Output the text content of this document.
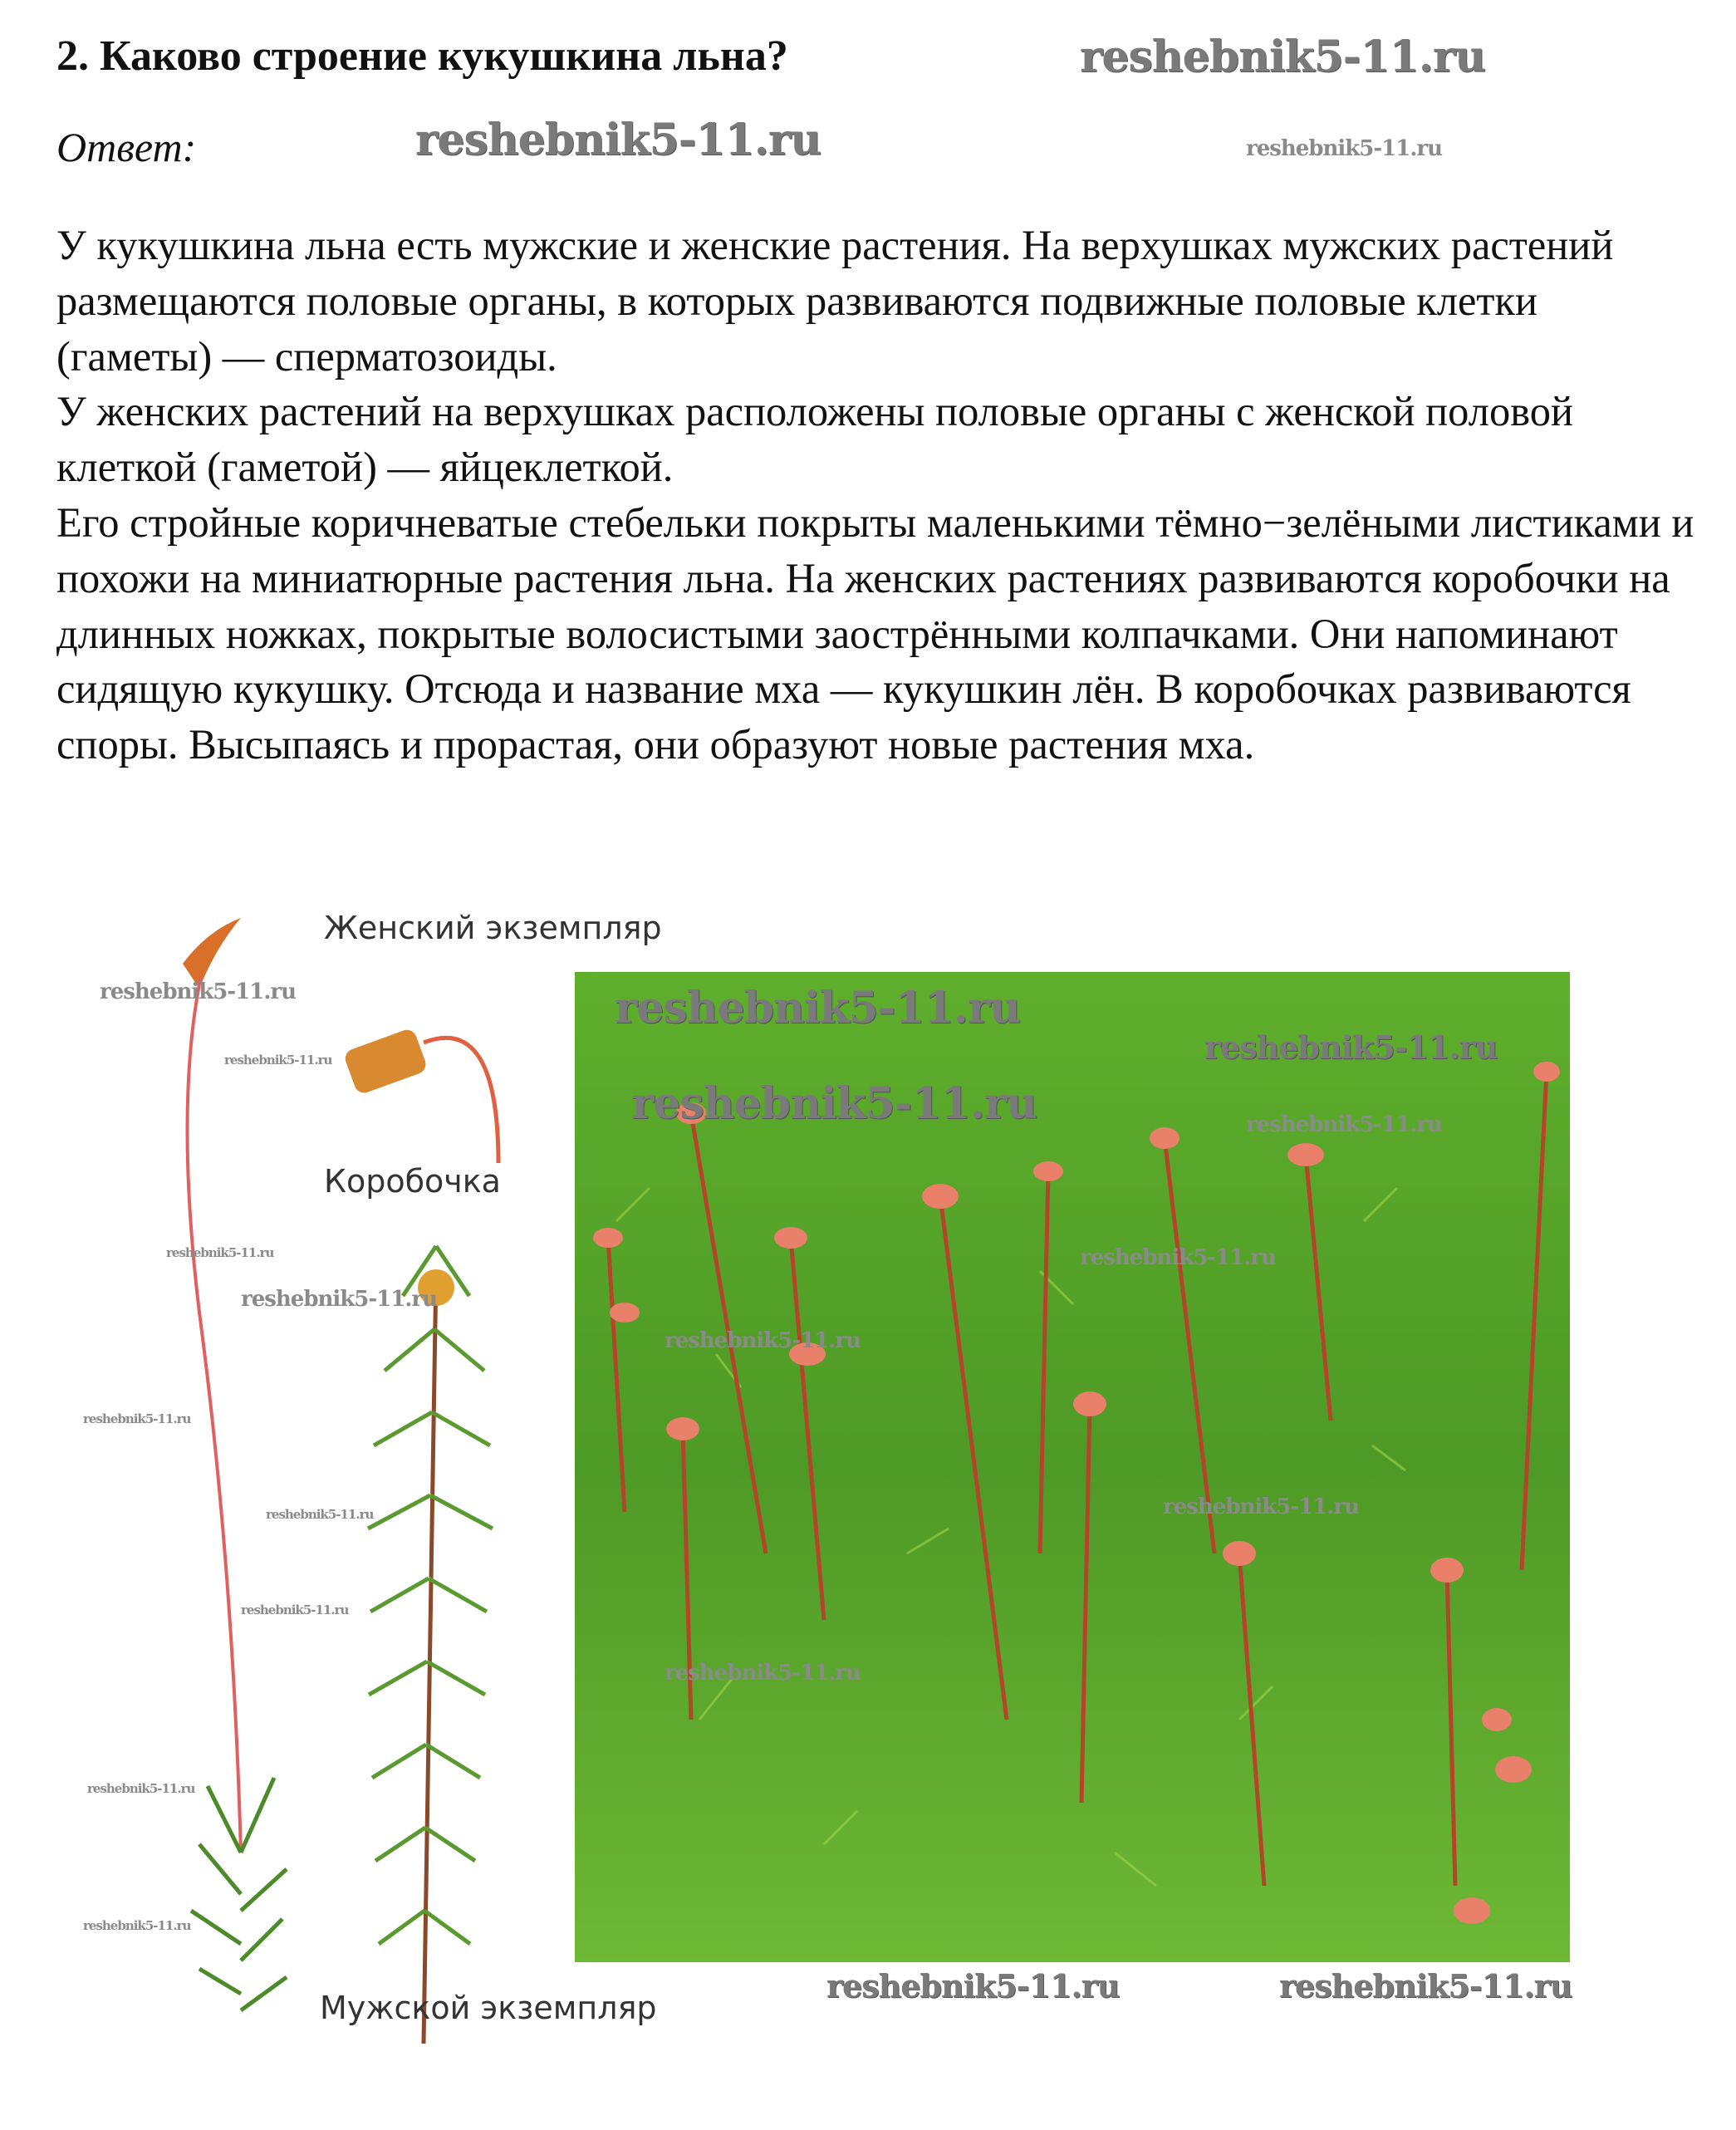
2. Каково строение кукушкина льна?
Ответ:

У кукушкина льна есть мужские и женские растения. На верхушках мужских растений размещаются половые органы, в которых развиваются подвижные половые клетки (гаметы) — сперматозоиды.

У женских растений на верхушках расположены половые органы с женской половой клеткой (гаметой) — яйцеклеткой.

Его стройные коричневатые стебельки покрыты маленькими тёмно−зелёными листиками и похожи на миниатюрные растения льна. На женских растениях развиваются коробочки на длинных ножках, покрытые волосистыми заострёнными колпачками. Они напоминают сидящую кукушку. Отсюда и название мха — кукушкин лён. В коробочках развиваются споры. Высыпаясь и прорастая, они образуют новые растения мха.

Женский экземпляр
Коробочка
Мужской экземпляр
reshebnik5-11.ru
reshebnik5-11.ru	reshebnik5-11.ru
reshebnik5-11.ru
reshebnik5-11.ru
reshebnik5-11.ru
reshebnik5-11.ru
reshebnik5-11.ru
reshebnik5-11.ru
reshebnik5-11.ru	reshebnik5-11.ru
reshebnik5-11.ru
reshebnik5-11.ru
reshebnik5-11.ru
reshebnik5-11.ru
reshebnik5-11.ru
reshebnik5-11.ru
reshebnik5-11.ru
reshebnik5-11.ru
reshebnik5-11.ru
reshebnik5-11.ru	reshebnik5-11.ru
